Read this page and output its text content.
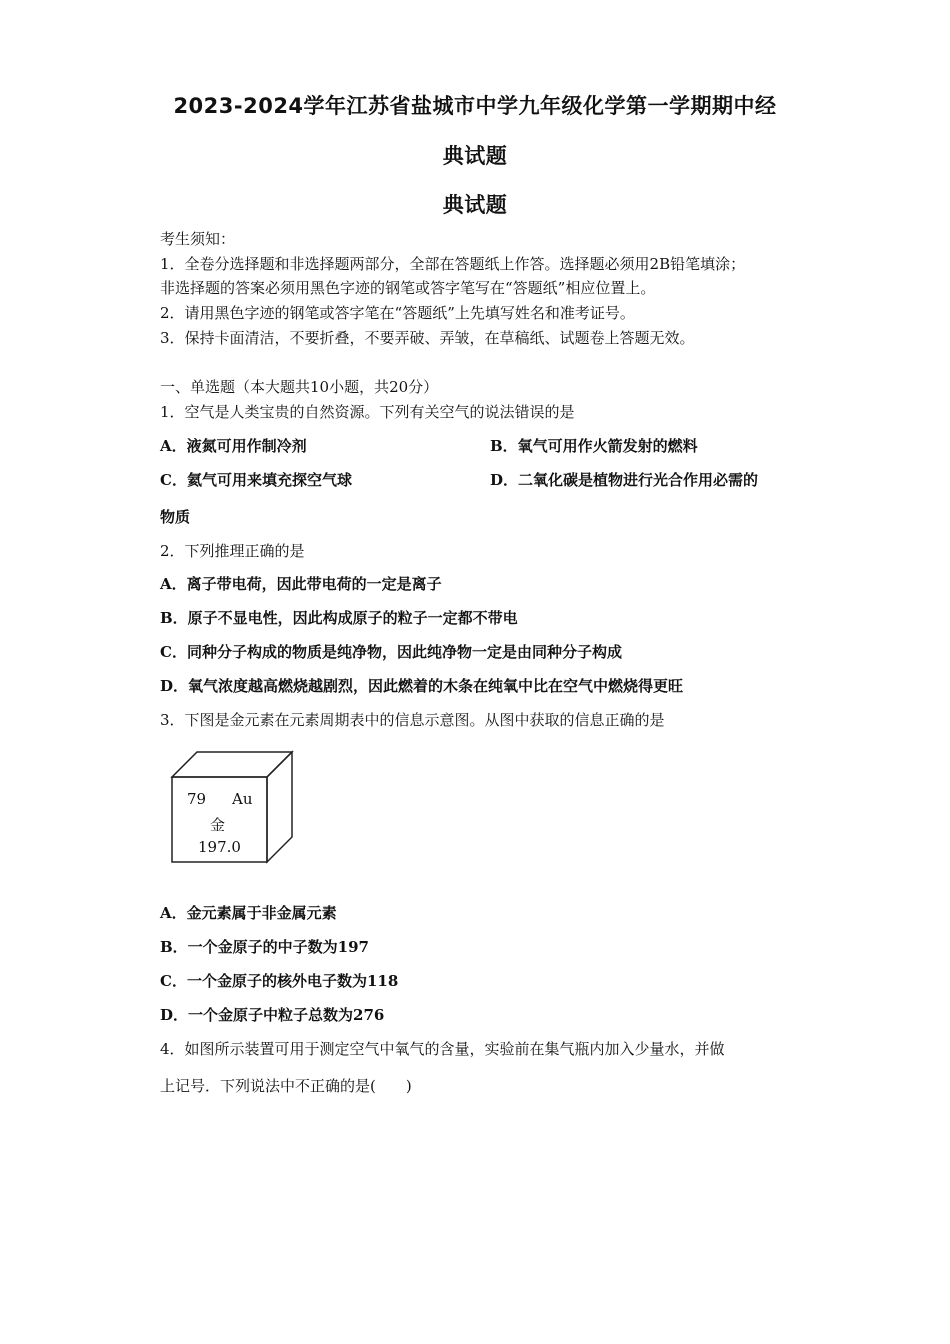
2023-2024学年江苏省盐城市中学九年级化学第一学期期中经
典试题
典试题
考生须知：
1．全卷分选择题和非选择题两部分，全部在答题纸上作答。选择题必须用2B铅笔填涂；
非选择题的答案必须用黑色字迹的钢笔或答字笔写在“答题纸”相应位置上。
2．请用黑色字迹的钢笔或答字笔在“答题纸”上先填写姓名和准考证号。
3．保持卡面清洁，不要折叠，不要弄破、弄皱，在草稿纸、试题卷上答题无效。
一、单选题（本大题共10小题，共20分）
1．空气是人类宝贵的自然资源。下列有关空气的说法错误的是
A．液氮可用作制冷剂	B．氧气可用作火箭发射的燃料
C．氦气可用来填充探空气球	D．二氧化碳是植物进行光合作用必需的
物质
2．下列推理正确的是
A．离子带电荷，因此带电荷的一定是离子
B．原子不显电性，因此构成原子的粒子一定都不带电
C．同种分子构成的物质是纯净物，因此纯净物一定是由同种分子构成
D．氧气浓度越高燃烧越剧烈，因此燃着的木条在纯氧中比在空气中燃烧得更旺
3．下图是金元素在元素周期表中的信息示意图。从图中获取的信息正确的是
79 Au
金
197.0
A．金元素属于非金属元素
B．一个金原子的中子数为197
C．一个金原子的核外电子数为118
D．一个金原子中粒子总数为276
4．如图所示装置可用于测定空气中氧气的含量，实验前在集气瓶内加入少量水，并做
上记号．下列说法中不正确的是(　　)
